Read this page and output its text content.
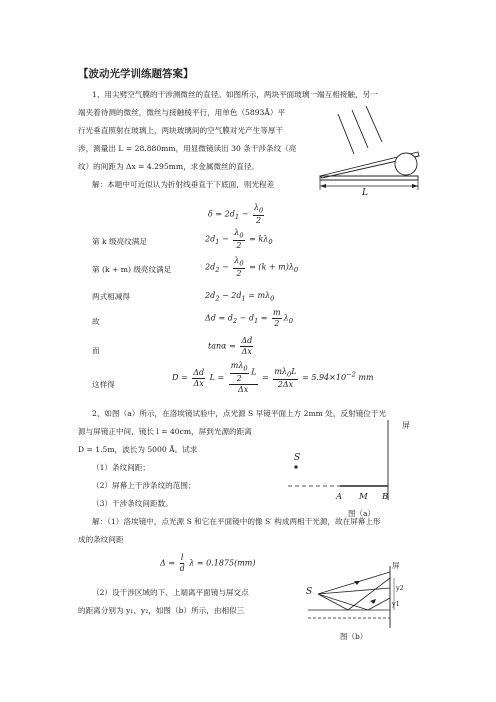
【波动光学训练题答案】
1、用尖劈空气膜的干涉测微丝的直径。如图所示，两块平面玻璃一端互相接触，另一
端夹着待测的微丝，微丝与接触棱平行，用单色（5893Å）平
行光垂直照射在玻璃上，两块玻璃间的空气膜对光产生等厚干
涉，测量出 L = 28.880mm，用显微镜读出 30 条干涉条纹（亮
纹）的间距为 Δx = 4.295mm，求金属微丝的直径。
解：本题中可近似认为折射线垂直于下底面，则光程差
L
$\delta = 2d_1 - \frac{\lambda_0}{2}$
第 k 级亮纹满足	$2d_1 - \frac{\lambda_0}{2} = k\lambda_0$
第 (k + m) 级亮纹满足	$2d_2 - \frac{\lambda_0}{2} = (k + m)\lambda_0$
两式相减得	$2d_2 - 2d_1 = m\lambda_0$
故	$\Delta d = d_2 - d_1 = \frac{m}{2} \lambda_0$
而	$\tan\alpha = \frac{\Delta d}{\Delta x}$
这样得
$D = \frac{\Delta d}{\Delta x}$ $L = \frac{\frac{m\lambda_0}{2} L}{\Delta x} = \frac{m\lambda_0L}{2\Delta x} = 5.94\times 10^{-2}$ mm
2、如图（a）所示，在洛埃镜试验中，点光源 S 早镜平面上方 2mm 处，反射镜位于光
源与屏镜正中间，镜长 l = 40cm，屏到光源的距离
D = 1.5m，波长为 5000 Å。试求
（1）条纹间距；
（2）屏幕上干涉条纹的范围；
（3）干涉条纹间距数。
解：（1）洛埃镜中，点光源 S 和它在平面镜中的像 S′ 构成两相干光源，故在屏幕上形
成的条纹间距
$\Delta = \frac{l}{d}$ λ = 0.1875(mm)
（2）设干涉区域的下、上端离平面镜与屏交点
的距离分别为 y₁、y₂，如图（b）所示，由相似三
S
屏
A M B
图（a）
屏
S
y1
y2
图（b）
